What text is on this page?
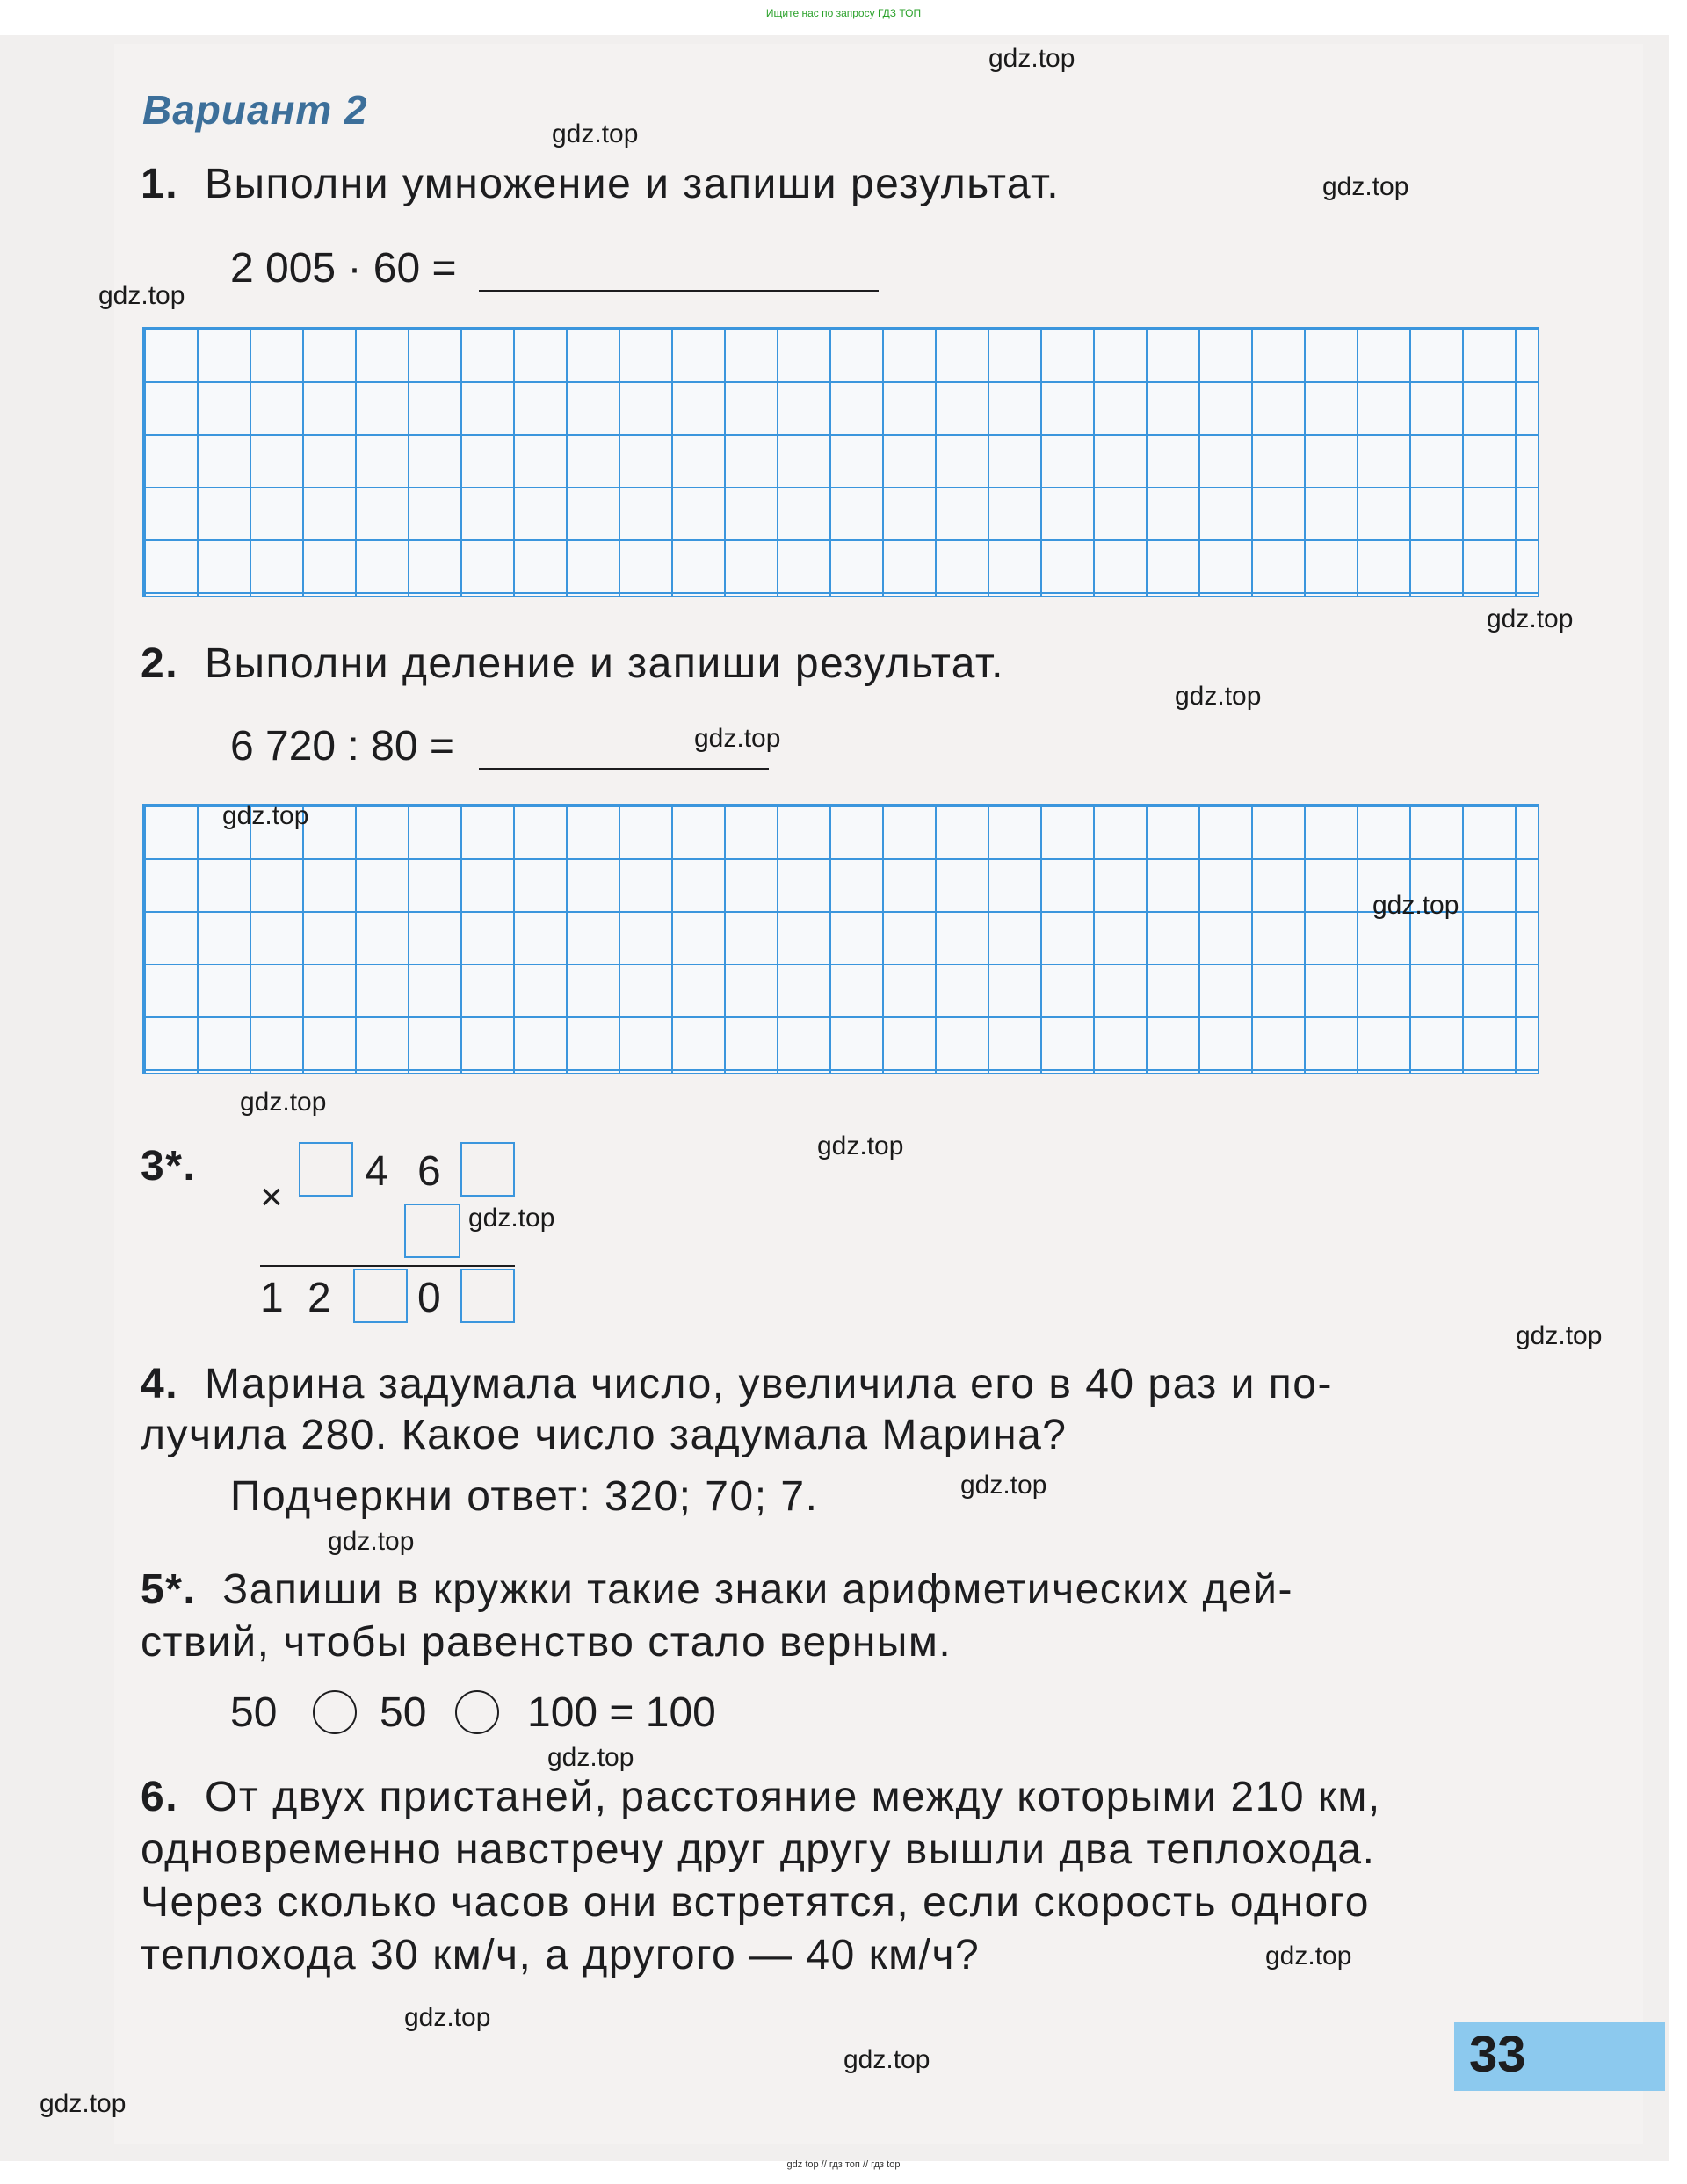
Ищите нас по запросу ГДЗ ТОП
Вариант 2
1. Выполни умножение и запиши результат.
2 005 · 60 =
2. Выполни деление и запиши результат.
6 720 : 80 =
3*.
×
4 6
1 2 0
4. Марина задумала число, увеличила его в 40 раз и по-
лучила 280. Какое число задумала Марина?
Подчеркни ответ: 320; 70; 7.
5*. Запиши в кружки такие знаки арифметических дей-
ствий, чтобы равенство стало верным.
50 50 100 = 100
6. От двух пристаней, расстояние между которыми 210 км,
одновременно навстречу друг другу вышли два теплохода.
Через сколько часов они встретятся, если скорость одного
теплохода 30 км/ч, а другого — 40 км/ч?
33
gdz.top
gdz.top
gdz.top
gdz.top
gdz.top
gdz.top
gdz.top
gdz.top
gdz.top
gdz.top
gdz.top
gdz.top
gdz.top
gdz.top
gdz.top
gdz.top
gdz.top
gdz.top
gdz.top
gdz.top
gdz top // гдз топ // гдз top
